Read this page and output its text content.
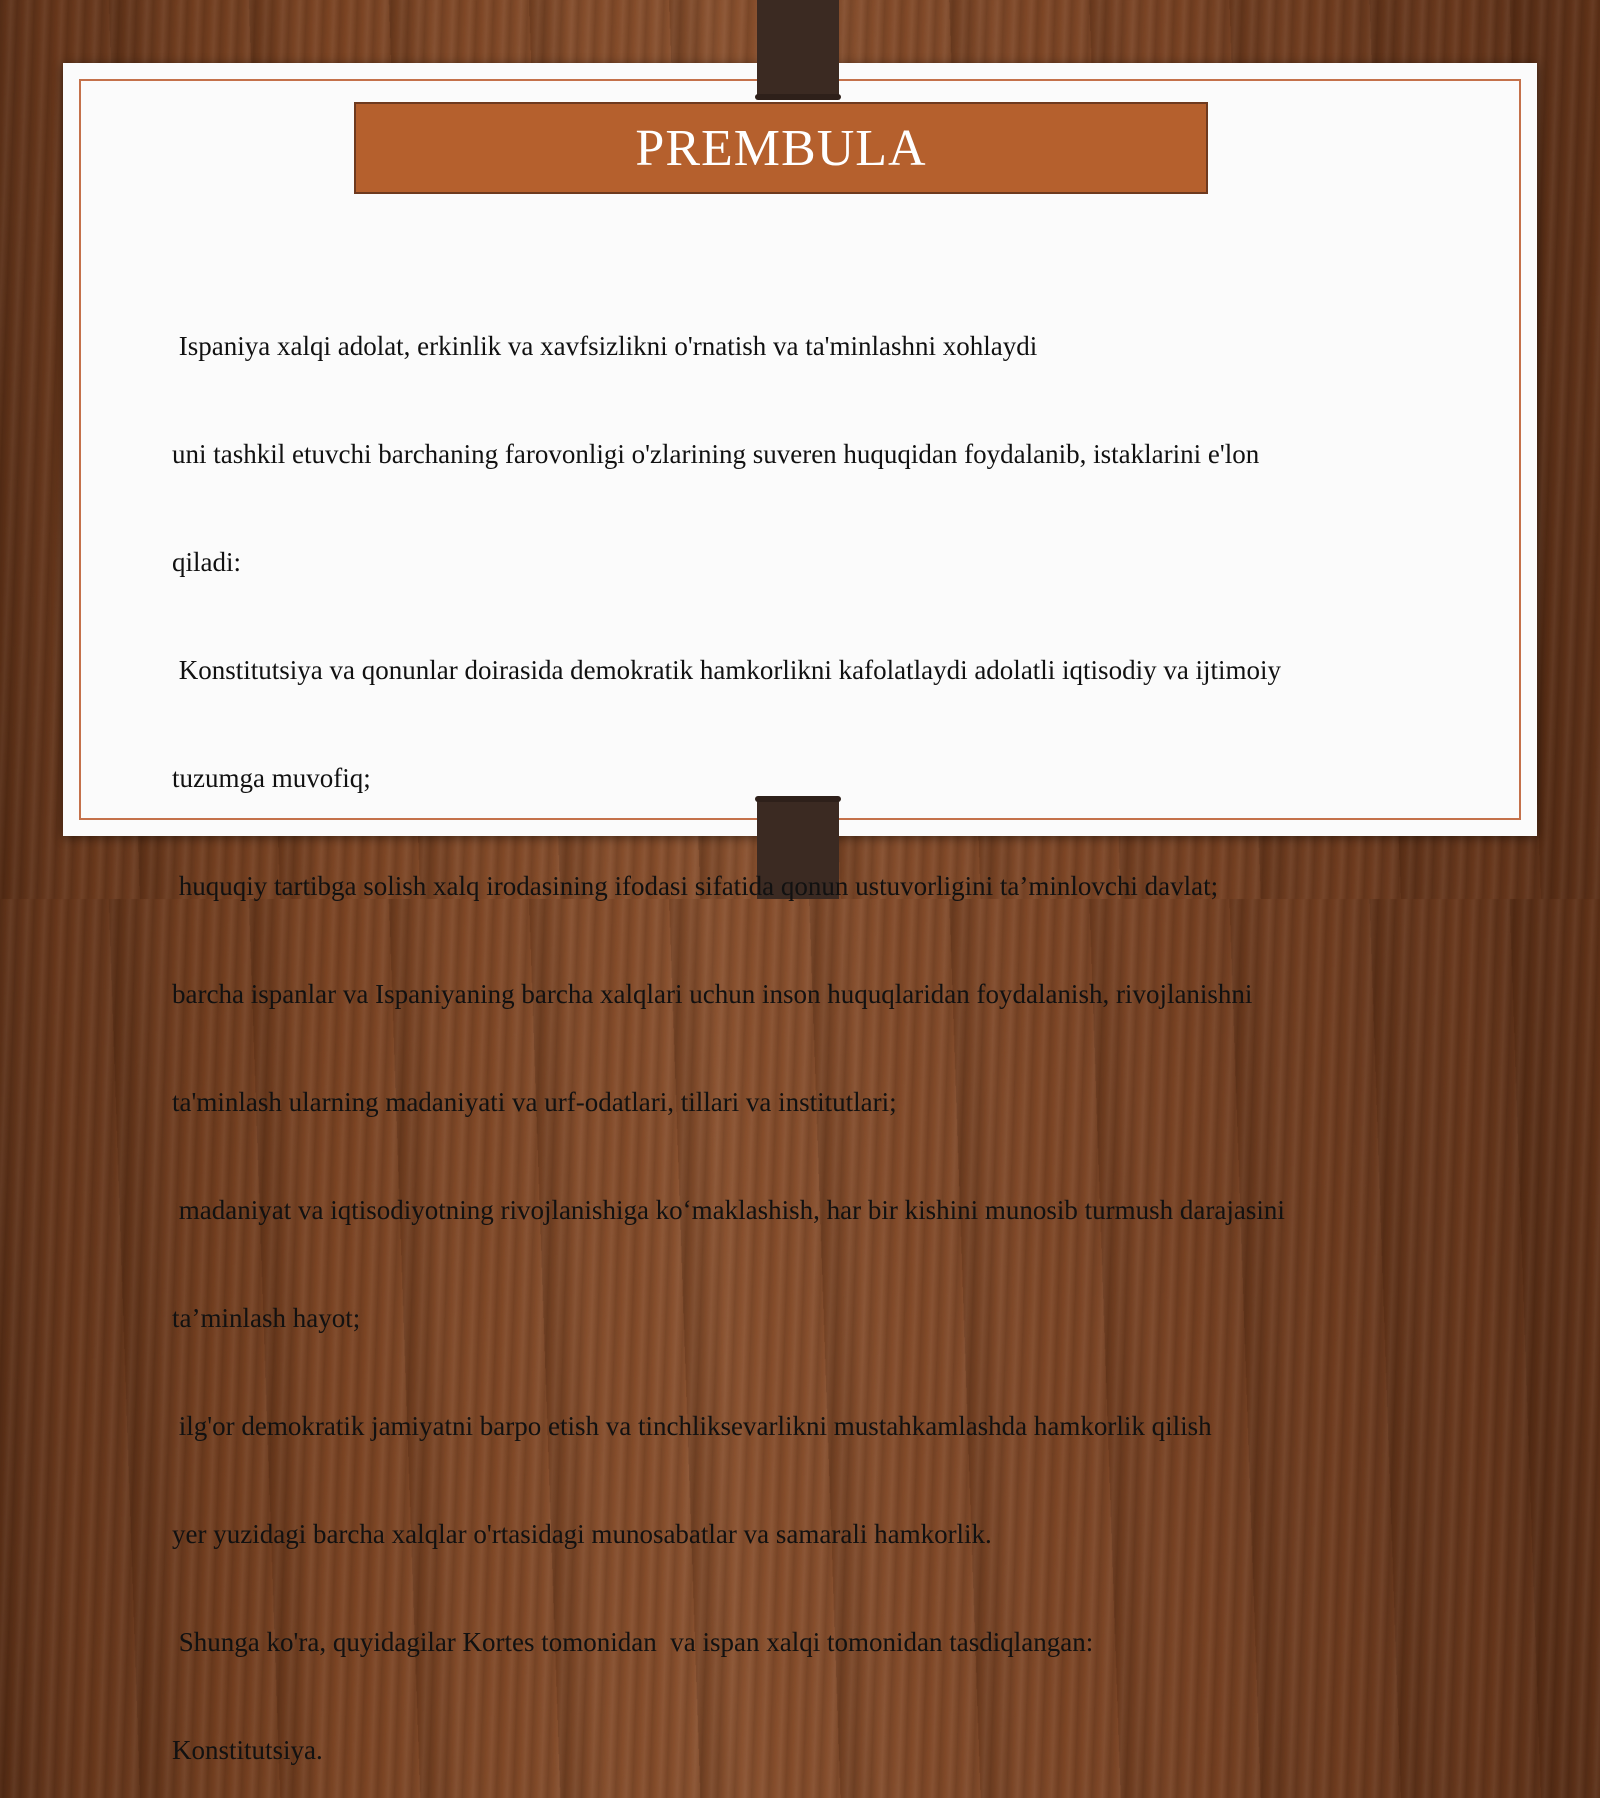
PREMBULA

Ispaniya xalqi adolat, erkinlik va xavfsizlikni o'rnatish va ta'minlashni xohlaydi

uni tashkil etuvchi barchaning farovonligi o'zlarining suveren huquqidan foydalanib, istaklarini e'lon

qiladi:

Konstitutsiya va qonunlar doirasida demokratik hamkorlikni kafolatlaydi adolatli iqtisodiy va ijtimoiy

tuzumga muvofiq;

huquqiy tartibga solish xalq irodasining ifodasi sifatida qonun ustuvorligini ta’minlovchi davlat;

barcha ispanlar va Ispaniyaning barcha xalqlari uchun inson huquqlaridan foydalanish, rivojlanishni

ta'minlash ularning madaniyati va urf-odatlari, tillari va institutlari;

madaniyat va iqtisodiyotning rivojlanishiga ko‘maklashish, har bir kishini munosib turmush darajasini

ta’minlash hayot;

ilg'or demokratik jamiyatni barpo etish va tinchliksevarlikni mustahkamlashda hamkorlik qilish

yer yuzidagi barcha xalqlar o'rtasidagi munosabatlar va samarali hamkorlik.

Shunga ko'ra, quyidagilar Kortes tomonidan  va ispan xalqi tomonidan tasdiqlangan:

Konstitutsiya.
